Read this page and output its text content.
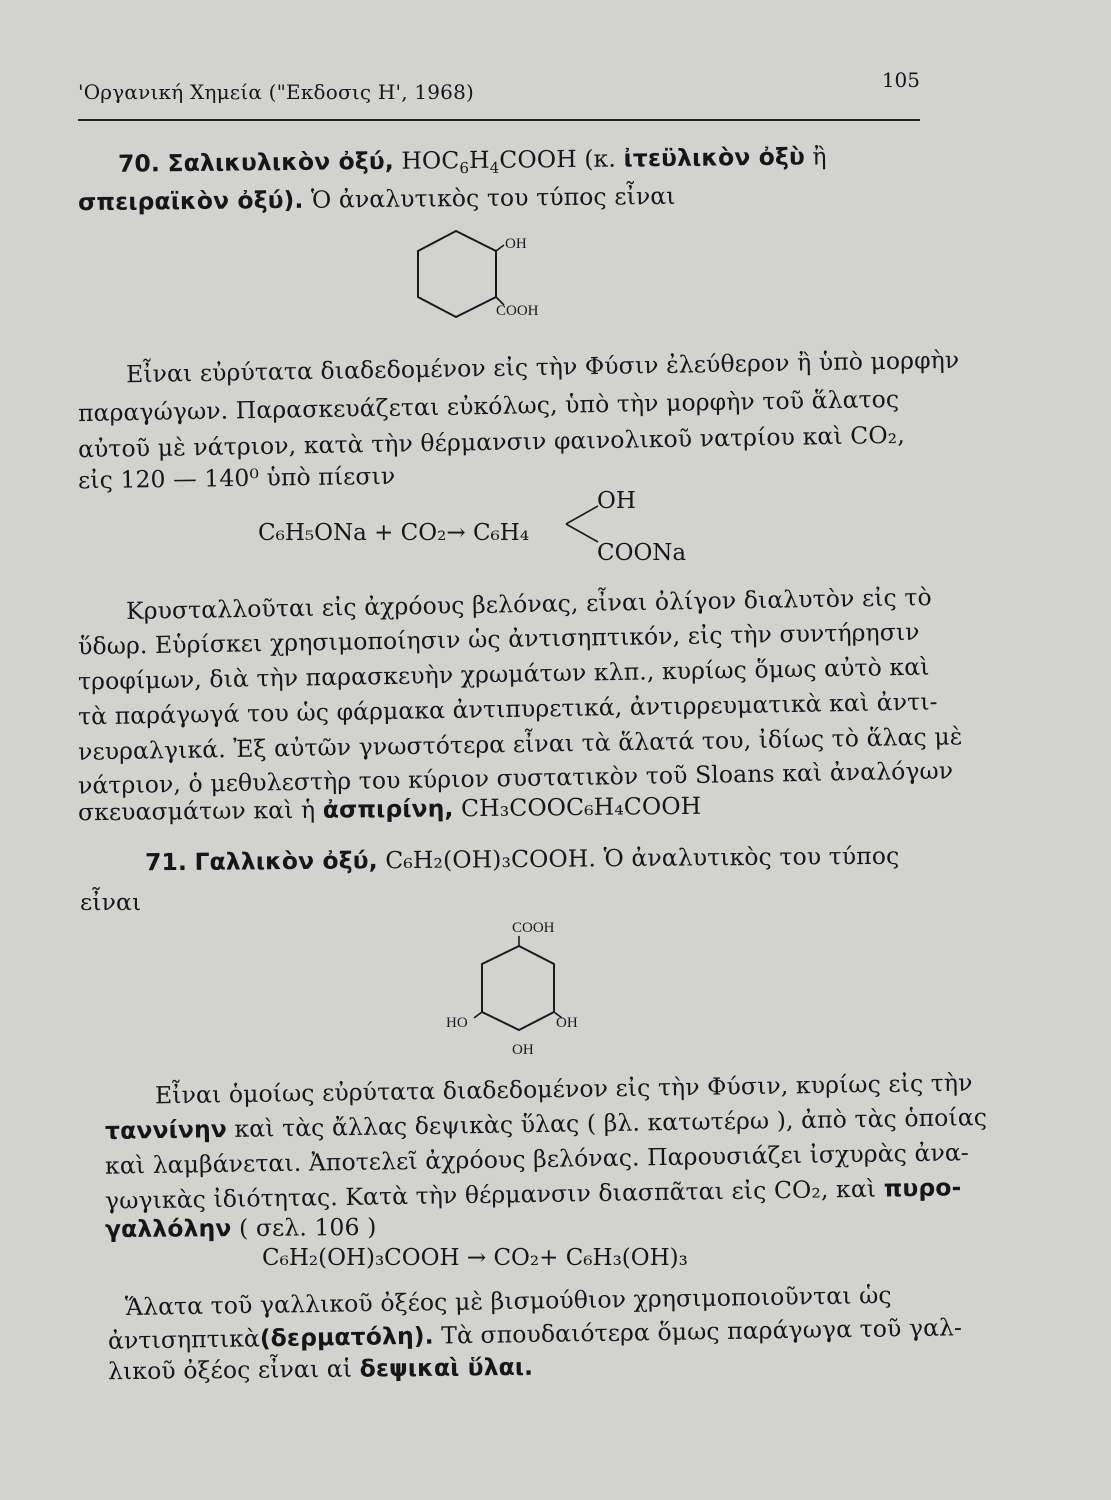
'Οργανική Χημεία ("Εκδοσις Η', 1968)	105
70. Σαλικυλικὸν ὀξύ, $HOC_6H_4COOH$ (κ. ἰτεϋλικὸν ὀξὺ ἢ
σπειραϊκὸν ὀξύ). Ὁ ἀναλυτικὸς του τύπος εἶναι
OH
COOH
Εἶναι εὐρύτατα διαδεδομένον εἰς τὴν Φύσιν ἐλεύθερον ἢ ὑπὸ μορφὴν
παραγώγων. Παρασκευάζεται εὐκόλως, ὑπὸ τὴν μορφὴν τοῦ ἅλατος
αὐτοῦ μὲ νάτριον, κατὰ τὴν θέρμανσιν φαινολικοῦ νατρίου καὶ CO₂,
εἰς 120 — 140⁰ ὑπὸ πίεσιν
C₆H₅ONa + CO₂→ C₆H₄
OH
COONa
Κρυσταλλοῦται εἰς ἀχρόους βελόνας, εἶναι ὀλίγον διαλυτὸν εἰς τὸ
ὕδωρ. Εὑρίσκει χρησιμοποίησιν ὡς ἀντισηπτικόν, εἰς τὴν συντήρησιν
τροφίμων, διὰ τὴν παρασκευὴν χρωμάτων κλπ., κυρίως ὅμως αὐτὸ καὶ
τὰ παράγωγά του ὡς φάρμακα ἀντιπυρετικά, ἀντιρρευματικὰ καὶ ἀντι-
νευραλγικά. Ἐξ αὐτῶν γνωστότερα εἶναι τὰ ἅλατά του, ἰδίως τὸ ἅλας μὲ
νάτριον, ὁ μεθυλεστὴρ του κύριον συστατικὸν τοῦ Sloans καὶ ἀναλόγων
σκευασμάτων καὶ ἡ ἀσπιρίνη, CH₃COOC₆H₄COOH
71. Γαλλικὸν ὀξύ, C₆H₂(OH)₃COOH. Ὁ ἀναλυτικὸς του τύπος
εἶναι
COOH
HO	OH
OH
Εἶναι ὁμοίως εὐρύτατα διαδεδομένον εἰς τὴν Φύσιν, κυρίως εἰς τὴν
ταννίνην καὶ τὰς ἄλλας δεψικὰς ὕλας ( βλ. κατωτέρω ), ἀπὸ τὰς ὁποίας
καὶ λαμβάνεται. Ἀποτελεῖ ἀχρόους βελόνας. Παρουσιάζει ἰσχυρὰς ἀνα-
γωγικὰς ἰδιότητας. Κατὰ τὴν θέρμανσιν διασπᾶται εἰς CO₂, καὶ πυρο-
γαλλόλην ( σελ. 106 )
C₆H₂(OH)₃COOH → CO₂+ C₆H₃(OH)₃
Ἅλατα τοῦ γαλλικοῦ ὀξέος μὲ βισμούθιον χρησιμοποιοῦνται ὡς
ἀντισηπτικὰ(δερματόλη). Τὰ σπουδαιότερα ὅμως παράγωγα τοῦ γαλ-
λικοῦ ὀξέος εἶναι αἱ δεψικαὶ ὕλαι.
